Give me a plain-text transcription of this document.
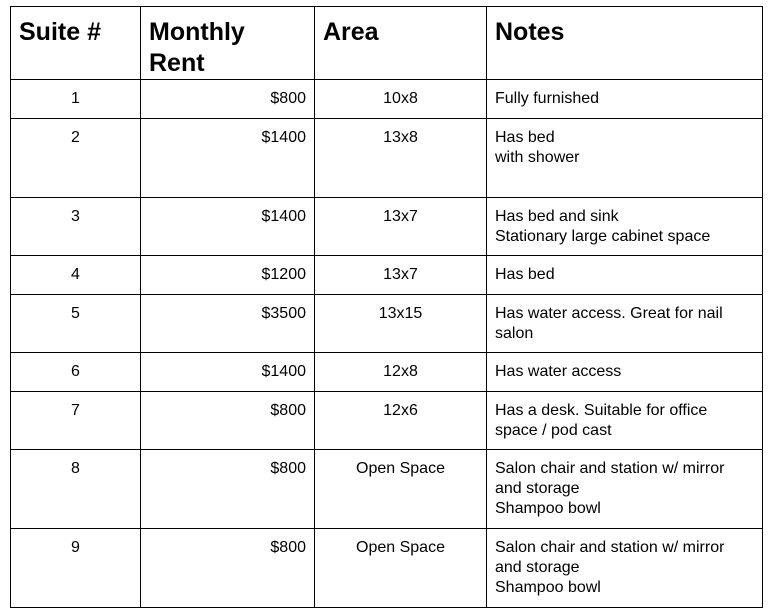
Suite #	Monthly Rent	Area	Notes
1	$800	10x8	Fully furnished

2	$1400	13x8	Has bed
with shower

3	$1400	13x7	Has bed and sink
Stationary large cabinet space

4	$1200	13x7	Has bed

5	$3500	13x15	Has water access. Great for nail salon

6	$1400	12x8	Has water access

7	$800	12x6	Has a desk. Suitable for office space / pod cast

8	$800	Open Space	Salon chair and station w/ mirror and storage
Shampoo bowl

9	$800	Open Space	Salon chair and station w/ mirror and storage
Shampoo bowl
